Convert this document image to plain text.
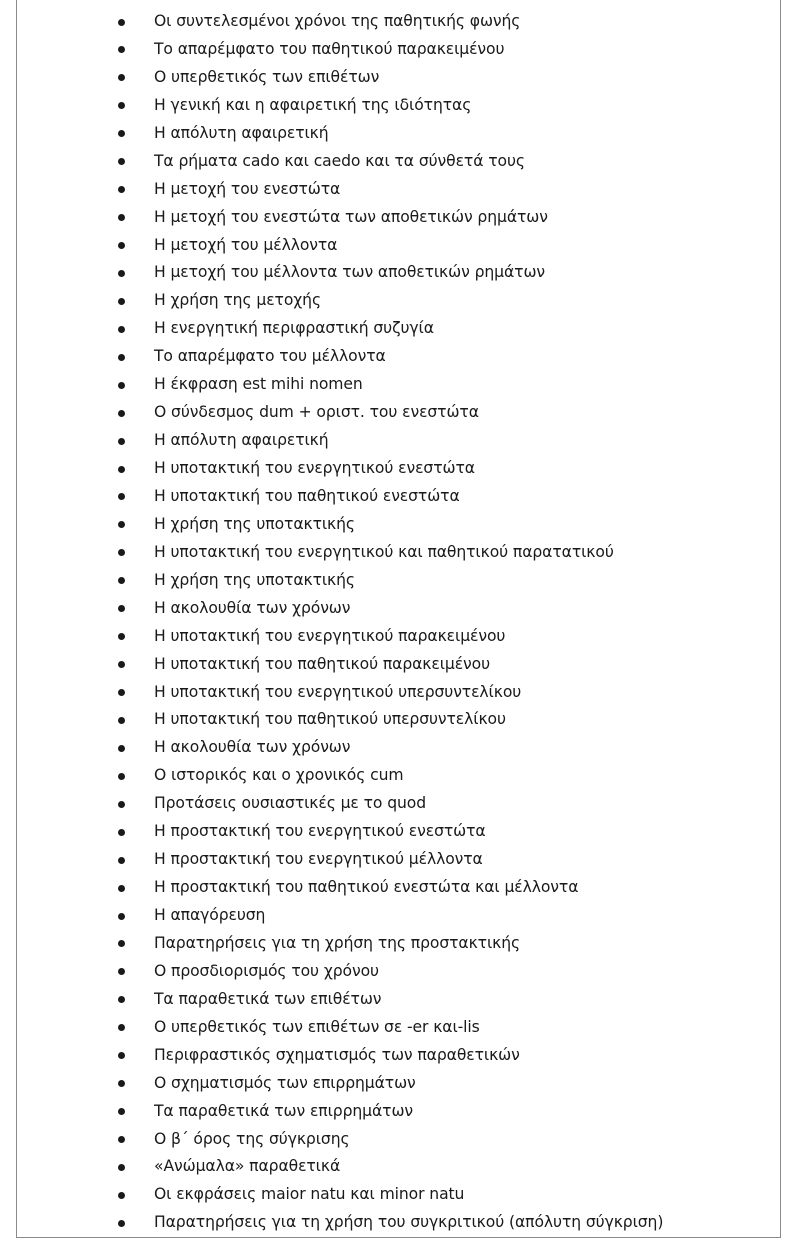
Οι συντελεσμένοι χρόνοι της παθητικής φωνής
Το απαρέμφατο του παθητικού παρακειμένου
Ο υπερθετικός των επιθέτων
Η γενική και η αφαιρετική της ιδιότητας
Η απόλυτη αφαιρετική
Τα ρήματα cado και caedo και τα σύνθετά τους
Η μετοχή του ενεστώτα
Η μετοχή του ενεστώτα των αποθετικών ρημάτων
Η μετοχή του μέλλοντα
Η μετοχή του μέλλοντα των αποθετικών ρημάτων
Η χρήση της μετοχής
Η ενεργητική περιφραστική συζυγία
Το απαρέμφατο του μέλλοντα
Η έκφραση est mihi nomen
Ο σύνδεσμος dum + οριστ. του ενεστώτα
Η απόλυτη αφαιρετική
Η υποτακτική του ενεργητικού ενεστώτα
Η υποτακτική του παθητικού ενεστώτα
Η χρήση της υποτακτικής
Η υποτακτική του ενεργητικού και παθητικού παρατατικού
Η χρήση της υποτακτικής
Η ακολουθία των χρόνων
Η υποτακτική του ενεργητικού παρακειμένου
Η υποτακτική του παθητικού παρακειμένου
Η υποτακτική του ενεργητικού υπερσυντελίκου
Η υποτακτική του παθητικού υπερσυντελίκου
Η ακολουθία των χρόνων
Ο ιστορικός και ο χρονικός cum
Προτάσεις ουσιαστικές με το quod
Η προστακτική του ενεργητικού ενεστώτα
Η προστακτική του ενεργητικού μέλλοντα
Η προστακτική του παθητικού ενεστώτα και μέλλοντα
Η απαγόρευση
Παρατηρήσεις για τη χρήση της προστακτικής
Ο προσδιορισμός του χρόνου
Τα παραθετικά των επιθέτων
Ο υπερθετικός των επιθέτων σε -er και-lis
Περιφραστικός σχηματισμός των παραθετικών
Ο σχηματισμός των επιρρημάτων
Τα παραθετικά των επιρρημάτων
Ο β΄ όρος της σύγκρισης
«Ανώμαλα» παραθετικά
Οι εκφράσεις maior natu και minor natu
Παρατηρήσεις για τη χρήση του συγκριτικού (απόλυτη σύγκριση)
